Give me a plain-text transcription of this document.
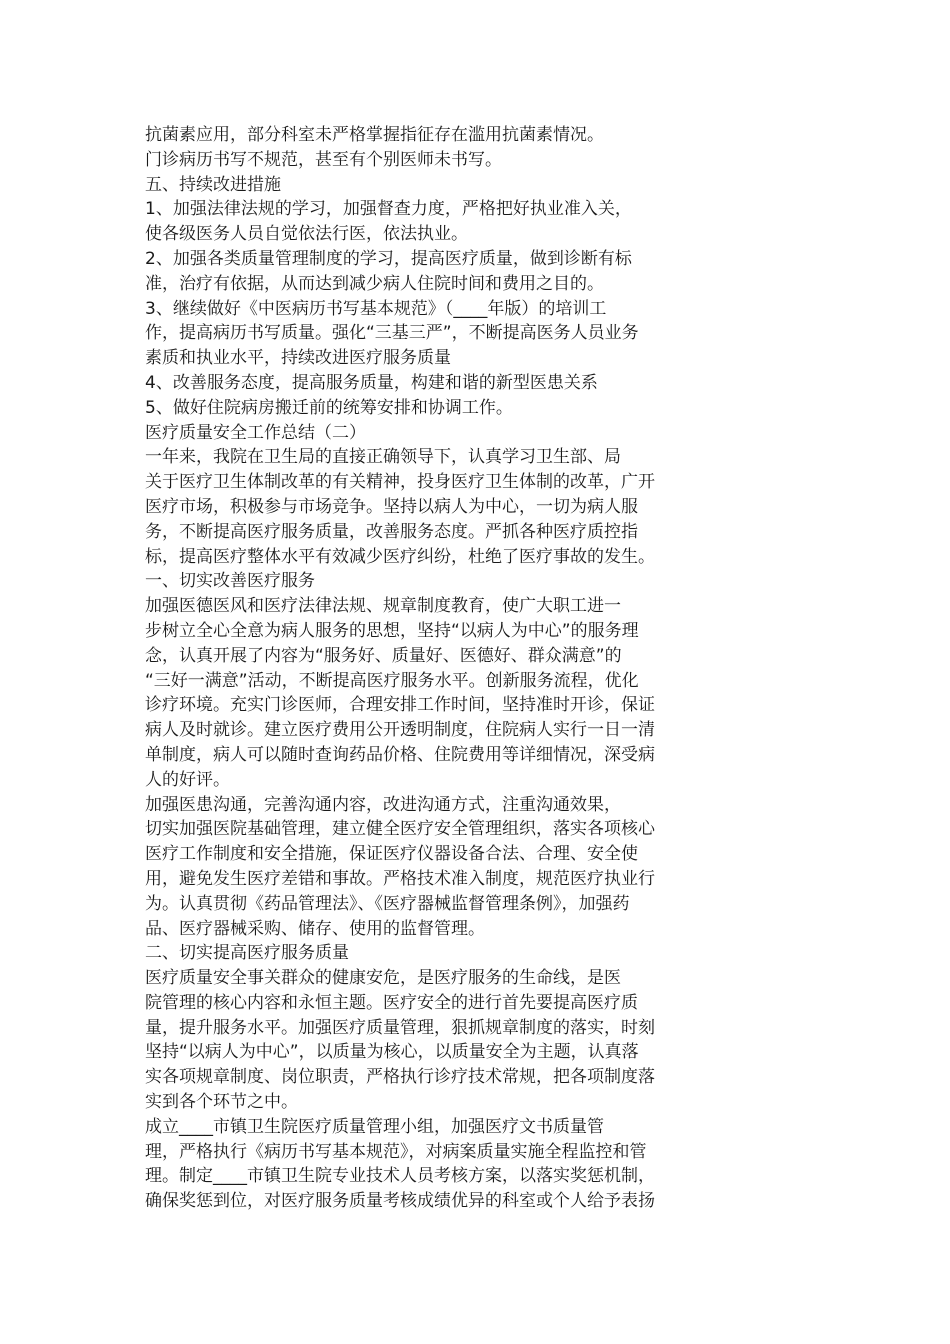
抗菌素应用，部分科室未严格掌握指征存在滥用抗菌素情况。
门诊病历书写不规范，甚至有个别医师未书写。
五、持续改进措施
1、加强法律法规的学习，加强督查力度，严格把好执业准入关，
使各级医务人员自觉依法行医，依法执业。
2、加强各类质量管理制度的学习，提高医疗质量，做到诊断有标
准，治疗有依据，从而达到减少病人住院时间和费用之目的。
3、继续做好《中医病历书写基本规范》（____年版）的培训工
作，提高病历书写质量。强化“三基三严”，不断提高医务人员业务
素质和执业水平，持续改进医疗服务质量
4、改善服务态度，提高服务质量，构建和谐的新型医患关系
5、做好住院病房搬迁前的统筹安排和协调工作。
医疗质量安全工作总结（二）
一年来，我院在卫生局的直接正确领导下，认真学习卫生部、局
关于医疗卫生体制改革的有关精神，投身医疗卫生体制的改革，广开
医疗市场，积极参与市场竞争。坚持以病人为中心，一切为病人服
务，不断提高医疗服务质量，改善服务态度。严抓各种医疗质控指
标，提高医疗整体水平有效减少医疗纠纷，杜绝了医疗事故的发生。
一、切实改善医疗服务
加强医德医风和医疗法律法规、规章制度教育，使广大职工进一
步树立全心全意为病人服务的思想，坚持“以病人为中心”的服务理
念，认真开展了内容为“服务好、质量好、医德好、群众满意”的
“三好一满意”活动，不断提高医疗服务水平。创新服务流程，优化
诊疗环境。充实门诊医师，合理安排工作时间，坚持准时开诊，保证
病人及时就诊。建立医疗费用公开透明制度，住院病人实行一日一清
单制度，病人可以随时查询药品价格、住院费用等详细情况，深受病
人的好评。
加强医患沟通，完善沟通内容，改进沟通方式，注重沟通效果，
切实加强医院基础管理，建立健全医疗安全管理组织，落实各项核心
医疗工作制度和安全措施，保证医疗仪器设备合法、合理、安全使
用，避免发生医疗差错和事故。严格技术准入制度，规范医疗执业行
为。认真贯彻《药品管理法》、《医疗器械监督管理条例》，加强药
品、医疗器械采购、储存、使用的监督管理。
二、切实提高医疗服务质量
医疗质量安全事关群众的健康安危，是医疗服务的生命线，是医
院管理的核心内容和永恒主题。医疗安全的进行首先要提高医疗质
量，提升服务水平。加强医疗质量管理，狠抓规章制度的落实，时刻
坚持“以病人为中心”，以质量为核心，以质量安全为主题，认真落
实各项规章制度、岗位职责，严格执行诊疗技术常规，把各项制度落
实到各个环节之中。
成立____市镇卫生院医疗质量管理小组，加强医疗文书质量管
理，严格执行《病历书写基本规范》，对病案质量实施全程监控和管
理。制定____市镇卫生院专业技术人员考核方案，以落实奖惩机制，
确保奖惩到位，对医疗服务质量考核成绩优异的科室或个人给予表扬
